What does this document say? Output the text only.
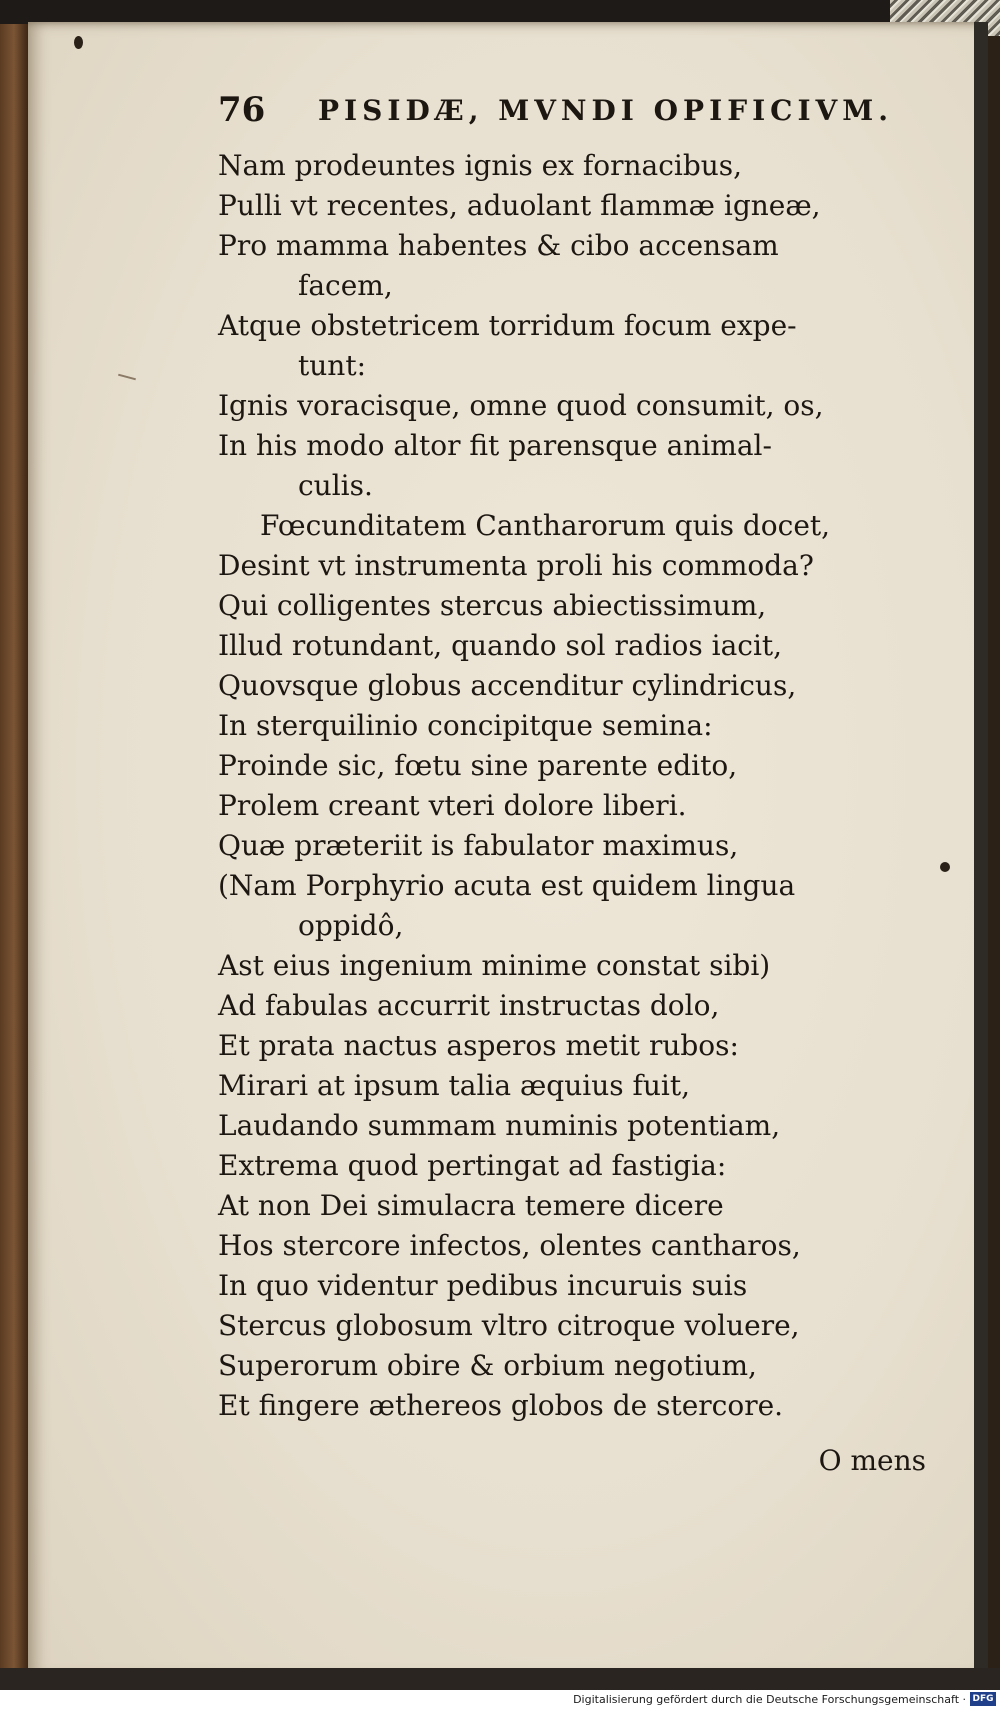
76 PISIDÆ, MVNDI OPIFICIVM.
Nam prodeuntes ignis ex fornacibus,
Pulli vt recentes, aduolant flammæ igneæ,
Pro mamma habentes & cibo accensam
facem,
Atque obstetricem torridum focum expe-
tunt:
Ignis voracisque, omne quod consumit, os,
In his modo altor fit parensque animal-
culis.
Fœcunditatem Cantharorum quis docet,
Desint vt instrumenta proli his commoda?
Qui colligentes stercus abiectissimum,
Illud rotundant, quando sol radios iacit,
Quovsque globus accenditur cylindricus,
In sterquilinio concipitque semina:
Proinde sic, fœtu sine parente edito,
Prolem creant vteri dolore liberi.
Quæ præteriit is fabulator maximus,
(Nam Porphyrio acuta est quidem lingua
oppidô,
Ast eius ingenium minime constat sibi)
Ad fabulas accurrit instructas dolo,
Et prata nactus asperos metit rubos:
Mirari at ipsum talia æquius fuit,
Laudando summam numinis potentiam,
Extrema quod pertingat ad fastigia:
At non Dei simulacra temere dicere
Hos stercore infectos, olentes cantharos,
In quo videntur pedibus incuruis suis
Stercus globosum vltro citroque voluere,
Superorum obire & orbium negotium,
Et fingere æthereos globos de stercore.
O mens
Digitalisierung gefördert durch die Deutsche Forschungsgemeinschaft · DFG
